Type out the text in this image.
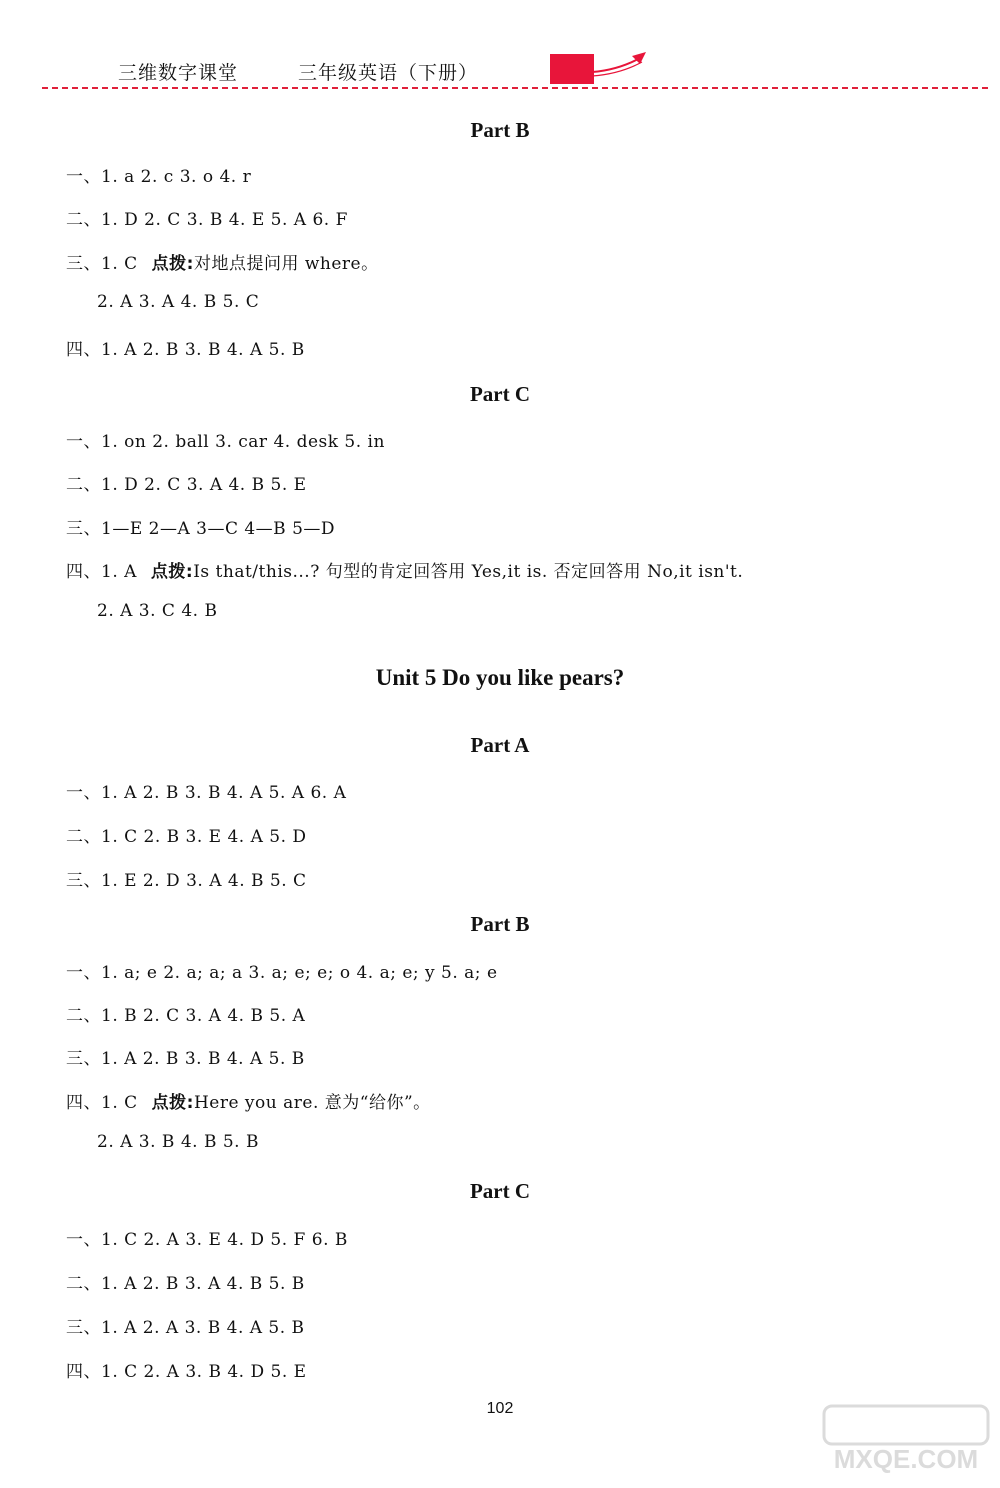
三维数字课堂	三年级英语（下册）
Part B
一、1. a 2. c 3. o 4. r
二、1. D 2. C 3. B 4. E 5. A 6. F
三、1. C 点拨:对地点提问用 where。
2. A 3. A 4. B 5. C
四、1. A 2. B 3. B 4. A 5. B
Part C
一、1. on 2. ball 3. car 4. desk 5. in
二、1. D 2. C 3. A 4. B 5. E
三、1—E 2—A 3—C 4—B 5—D
四、1. A 点拨:Is that/this...? 句型的肯定回答用 Yes,it is. 否定回答用 No,it isn't.
2. A 3. C 4. B
Unit 5 Do you like pears?
Part A
一、1. A 2. B 3. B 4. A 5. A 6. A
二、1. C 2. B 3. E 4. A 5. D
三、1. E 2. D 3. A 4. B 5. C
Part B
一、1. a; e 2. a; a; a 3. a; e; e; o 4. a; e; y 5. a; e
二、1. B 2. C 3. A 4. B 5. A
三、1. A 2. B 3. B 4. A 5. B
四、1. C 点拨:Here you are. 意为“给你”。
2. A 3. B 4. B 5. B
Part C
一、1. C 2. A 3. E 4. D 5. F 6. B
二、1. A 2. B 3. A 4. B 5. B
三、1. A 2. A 3. B 4. A 5. B
四、1. C 2. A 3. B 4. D 5. E
102
MXQE.COM
